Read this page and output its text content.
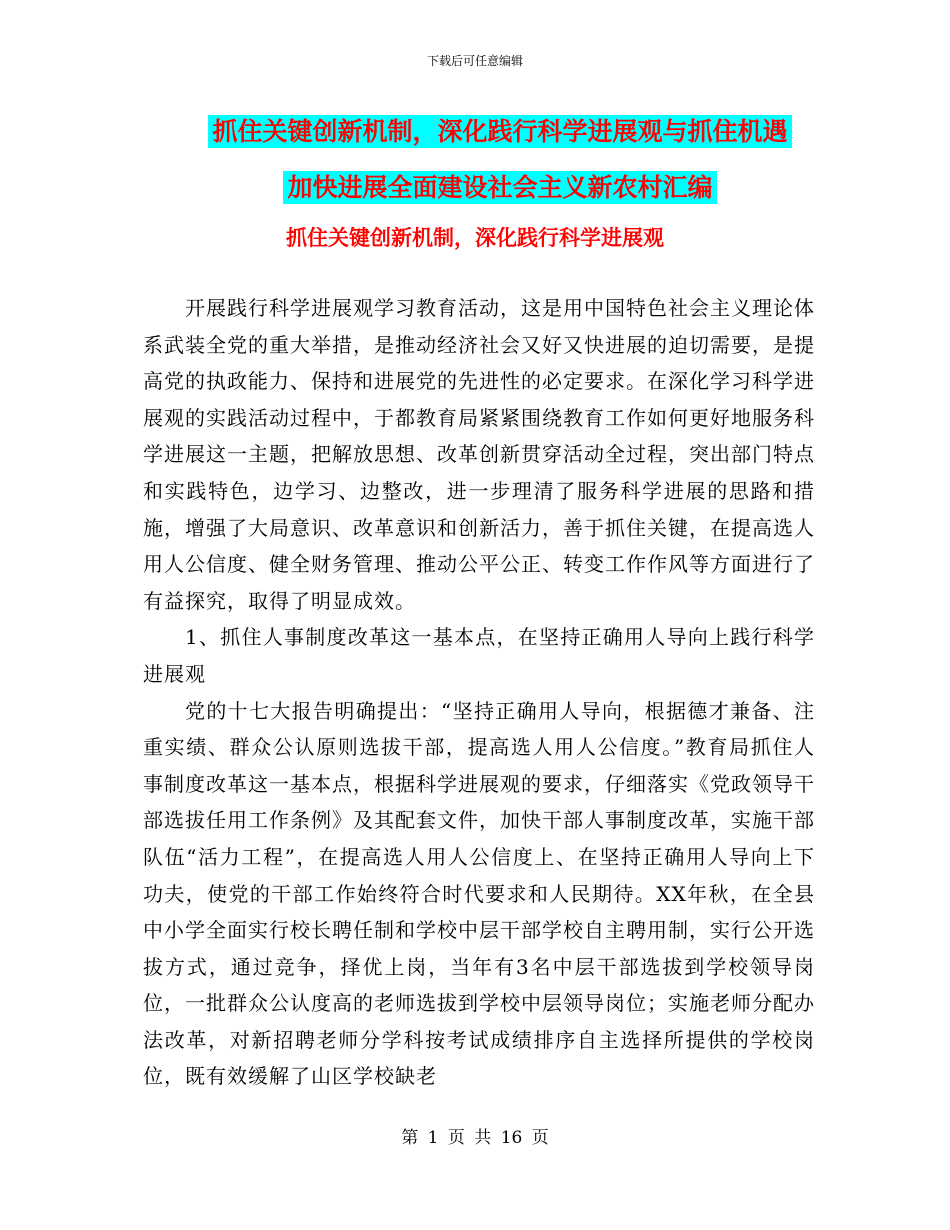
下载后可任意编辑
抓住关键创新机制，深化践行科学进展观与抓住机遇
加快进展全面建设社会主义新农村汇编
抓住关键创新机制，深化践行科学进展观

开展践行科学进展观学习教育活动，这是用中国特色社会主义理论体系武装全党的重大举措，是推动经济社会又好又快进展的迫切需要，是提高党的执政能力、保持和进展党的先进性的必定要求。在深化学习科学进展观的实践活动过程中，于都教育局紧紧围绕教育工作如何更好地服务科学进展这一主题，把解放思想、改革创新贯穿活动全过程，突出部门特点和实践特色，边学习、边整改，进一步理清了服务科学进展的思路和措施，增强了大局意识、改革意识和创新活力，善于抓住关键，在提高选人用人公信度、健全财务管理、推动公平公正、转变工作作风等方面进行了有益探究，取得了明显成效。

1、抓住人事制度改革这一基本点，在坚持正确用人导向上践行科学进展观

党的十七大报告明确提出：“坚持正确用人导向，根据德才兼备、注重实绩、群众公认原则选拔干部，提高选人用人公信度。”教育局抓住人事制度改革这一基本点，根据科学进展观的要求，仔细落实《党政领导干部选拔任用工作条例》及其配套文件，加快干部人事制度改革，实施干部队伍“活力工程”，在提高选人用人公信度上、在坚持正确用人导向上下功夫，使党的干部工作始终符合时代要求和人民期待。XX年秋，在全县中小学全面实行校长聘任制和学校中层干部学校自主聘用制，实行公开选拔方式，通过竞争，择优上岗，当年有3名中层干部选拔到学校领导岗位，一批群众公认度高的老师选拔到学校中层领导岗位；实施老师分配办法改革，对新招聘老师分学科按考试成绩排序自主选择所提供的学校岗位，既有效缓解了山区学校缺老

第 1 页 共 16 页
